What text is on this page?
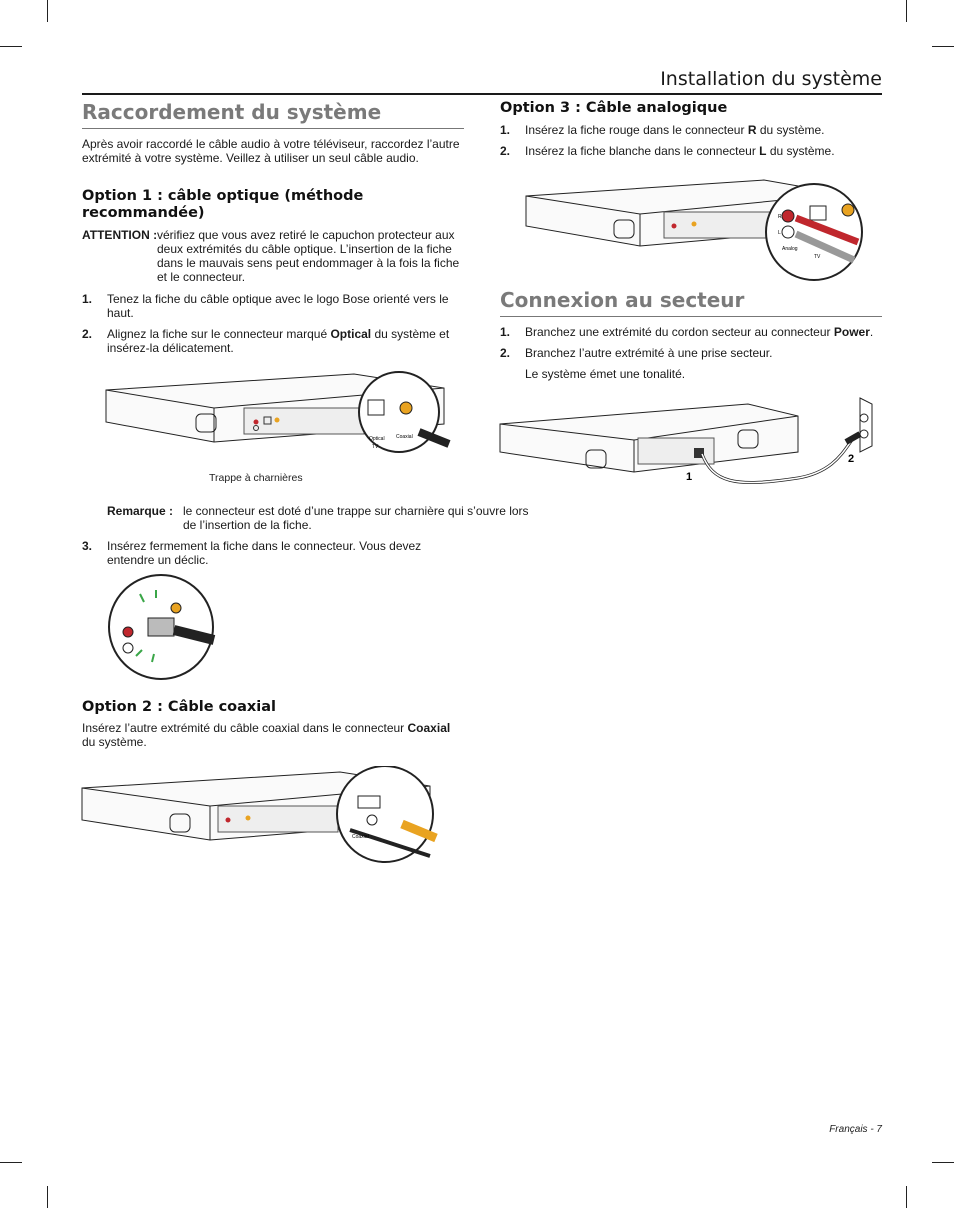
Installation du système
Raccordement du système

Après avoir raccordé le câble audio à votre téléviseur, raccordez l’autre extrémité à votre système. Veillez à utiliser un seul câble audio.

Option 1 : câble optique (méthode recommandée)
ATTENTION : vérifiez que vous avez retiré le capuchon protecteur aux deux extrémités du câble optique. L’insertion de la fiche dans le mauvais sens peut endommager à la fois la fiche et le connecteur.
1. Tenez la fiche du câble optique avec le logo Bose orienté vers le haut.
2. Alignez la fiche sur le connecteur marqué Optical du système et insérez-la délicatement.
Optical Coaxial
TV
Trappe à charnières
Remarque : le connecteur est doté d’une trappe sur charnière qui s’ouvre lors de l’insertion de la fiche.
3. Insérez fermement la fiche dans le connecteur. Vous devez entendre un déclic.
Option 2 : Câble coaxial

Insérez l’autre extrémité du câble coaxial dans le connecteur Coaxial du système.

Coaxial
Option 3 : Câble analogique
1. Insérez la fiche rouge dans le connecteur R du système.
2. Insérez la fiche blanche dans le connecteur L du système.
R
L
Analog
TV
Connexion au secteur
1. Branchez une extrémité du cordon secteur au connecteur Power.
2. Branchez l’autre extrémité à une prise secteur.
Le système émet une tonalité.
1
2
Français - 7
